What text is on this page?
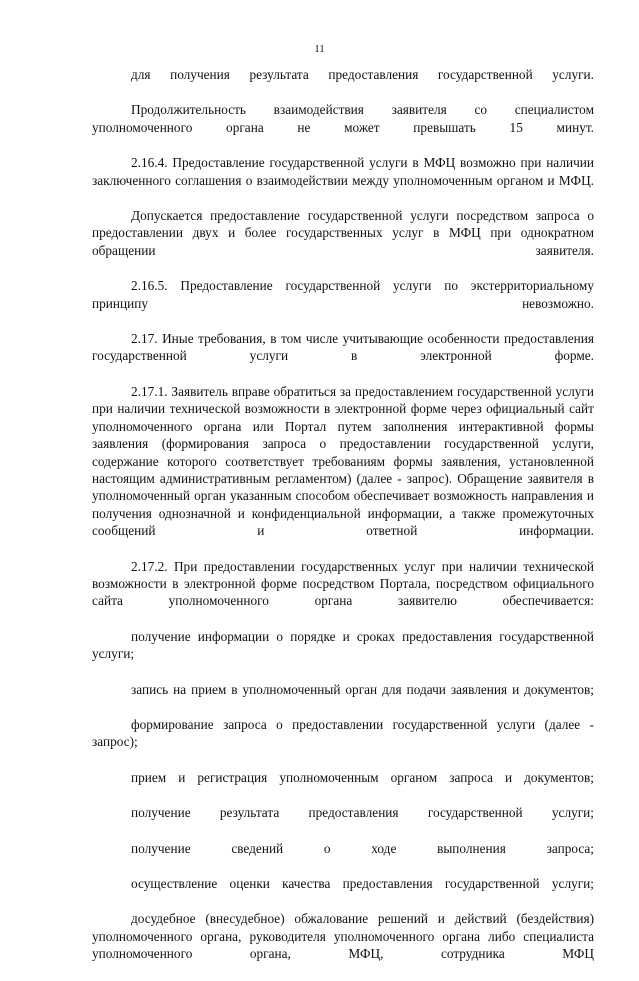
11

для получения результата предоставления государственной услуги.

Продолжительность взаимодействия заявителя со специалистом уполномоченного органа не может превышать 15 минут.

2.16.4. Предоставление государственной услуги в МФЦ возможно при наличии заключенного соглашения о взаимодействии между уполномоченным органом и МФЦ.

Допускается предоставление государственной услуги посредством запроса о предоставлении двух и более государственных услуг в МФЦ при однократном обращении заявителя.

2.16.5. Предоставление государственной услуги по экстерриториальному принципу невозможно.

2.17. Иные требования, в том числе учитывающие особенности предоставления государственной услуги в электронной форме.

2.17.1. Заявитель вправе обратиться за предоставлением государственной услуги при наличии технической возможности в электронной форме через официальный сайт уполномоченного органа или Портал путем заполнения интерактивной формы заявления (формирования запроса о предоставлении государственной услуги, содержание которого соответствует требованиям формы заявления, установленной настоящим административным регламентом) (далее - запрос). Обращение заявителя в уполномоченный орган указанным способом обеспечивает возможность направления и получения однозначной и конфиденциальной информации, а также промежуточных сообщений и ответной информации.

2.17.2. При предоставлении государственных услуг при наличии технической возможности в электронной форме посредством Портала, посредством официального сайта уполномоченного органа заявителю обеспечивается:

получение информации о порядке и сроках предоставления государственной услуги;

запись на прием в уполномоченный орган для подачи заявления и документов;

формирование запроса о предоставлении государственной услуги (далее - запрос);

прием и регистрация уполномоченным органом запроса и документов;

получение результата предоставления государственной услуги;

получение сведений о ходе выполнения запроса;

осуществление оценки качества предоставления государственной услуги;

досудебное (внесудебное) обжалование решений и действий (бездействия) уполномоченного органа, руководителя уполномоченного органа либо специалиста уполномоченного органа, МФЦ, сотрудника МФЦ
